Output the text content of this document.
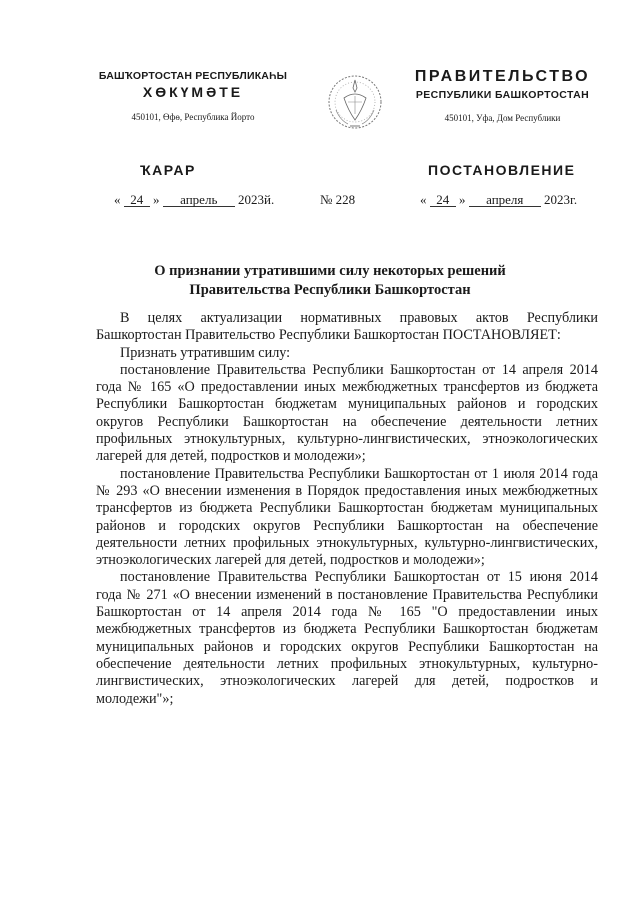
БАШҠОРТОСТАН РЕСПУБЛИКАҺЫ
ХӨКҮМӘТЕ
450101, Өфө, Республика Йорто
ПРАВИТЕЛЬСТВО
РЕСПУБЛИКИ БАШКОРТОСТАН
450101, Уфа, Дом Республики
ҠАРАР	ПОСТАНОВЛЕНИЕ
« 24 » апрель 2023й.	№ 228	« 24 » апреля 2023г.
О признании утратившими силу некоторых решений
Правительства Республики Башкортостан

В целях актуализации нормативных правовых актов Республики Башкортостан Правительство Республики Башкортостан ПОСТАНОВЛЯЕТ:

Признать утратившим силу:

постановление Правительства Республики Башкортостан от 14 апреля 2014 года № 165 «О предоставлении иных межбюджетных трансфертов из бюджета Республики Башкортостан бюджетам муниципальных районов и городских округов Республики Башкортостан на обеспечение деятельности летних профильных этнокультурных, культурно-лингвистических, этноэкологических лагерей для детей, подростков и молодежи»;

постановление Правительства Республики Башкортостан от 1 июля 2014 года № 293 «О внесении изменения в Порядок предоставления иных межбюджетных трансфертов из бюджета Республики Башкортостан бюджетам муниципальных районов и городских округов Республики Башкортостан на обеспечение деятельности летних профильных этнокультурных, культурно-лингвистических, этноэкологических лагерей для детей, подростков и молодежи»;

постановление Правительства Республики Башкортостан от 15 июня 2014 года № 271 «О внесении изменений в постановление Правительства Республики Башкортостан от 14 апреля 2014 года № 165 "О предоставлении иных межбюджетных трансфертов из бюджета Республики Башкортостан бюджетам муниципальных районов и городских округов Республики Башкортостан на обеспечение деятельности летних профильных этнокультурных, культурно-лингвистических, этноэкологических лагерей для детей, подростков и молодежи"»;
